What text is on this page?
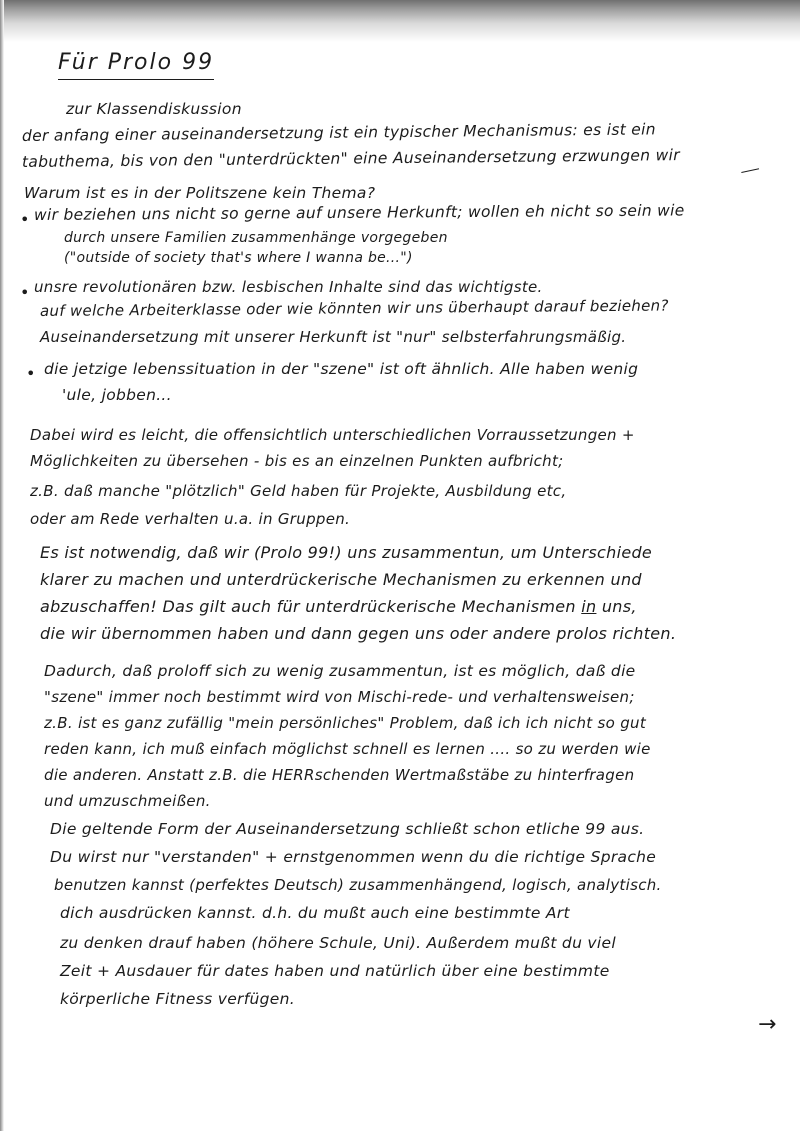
Für Prolo 99
zur Klassendiskussion
der anfang einer auseinandersetzung ist ein typischer Mechanismus: es ist ein
tabuthema, bis von den "unterdrückten" eine Auseinandersetzung erzwungen wir
Warum ist es in der Politszene kein Thema?
• wir beziehen uns nicht so gerne auf unsere Herkunft; wollen eh nicht so sein wie
durch unsere Familien zusammenhänge vorgegeben
("outside of society that's where I wanna be...")
• unsre revolutionären bzw. lesbischen Inhalte sind das wichtigste.
auf welche Arbeiterklasse oder wie könnten wir uns überhaupt darauf beziehen?
Auseinandersetzung mit unserer Herkunft ist "nur" selbsterfahrungsmäßig.
• die jetzige lebenssituation in der "szene" ist oft ähnlich. Alle haben wenig
'ule, jobben...
Dabei wird es leicht, die offensichtlich unterschiedlichen Vorraussetzungen +
Möglichkeiten zu übersehen - bis es an einzelnen Punkten aufbricht;
z.B. daß manche "plötzlich" Geld haben für Projekte, Ausbildung etc,
oder am Rede verhalten u.a. in Gruppen.
Es ist notwendig, daß wir (Prolo 99!) uns zusammentun, um Unterschiede
klarer zu machen und unterdrückerische Mechanismen zu erkennen und
abzuschaffen! Das gilt auch für unterdrückerische Mechanismen in uns,
die wir übernommen haben und dann gegen uns oder andere prolos richten.
Dadurch, daß proloff sich zu wenig zusammentun, ist es möglich, daß die
"szene" immer noch bestimmt wird von Mischi-rede- und verhaltensweisen;
z.B. ist es ganz zufällig "mein persönliches" Problem, daß ich ich nicht so gut
reden kann, ich muß einfach möglichst schnell es lernen .... so zu werden wie
die anderen. Anstatt z.B. die HERRschenden Wertmaßstäbe zu hinterfragen
und umzuschmeißen.
Die geltende Form der Auseinandersetzung schließt schon etliche 99 aus.
Du wirst nur "verstanden" + ernstgenommen wenn du die richtige Sprache
benutzen kannst (perfektes Deutsch) zusammenhängend, logisch, analytisch.
dich ausdrücken kannst. d.h. du mußt auch eine bestimmte Art
zu denken drauf haben (höhere Schule, Uni). Außerdem mußt du viel
Zeit + Ausdauer für dates haben und natürlich über eine bestimmte
körperliche Fitness verfügen.
→
